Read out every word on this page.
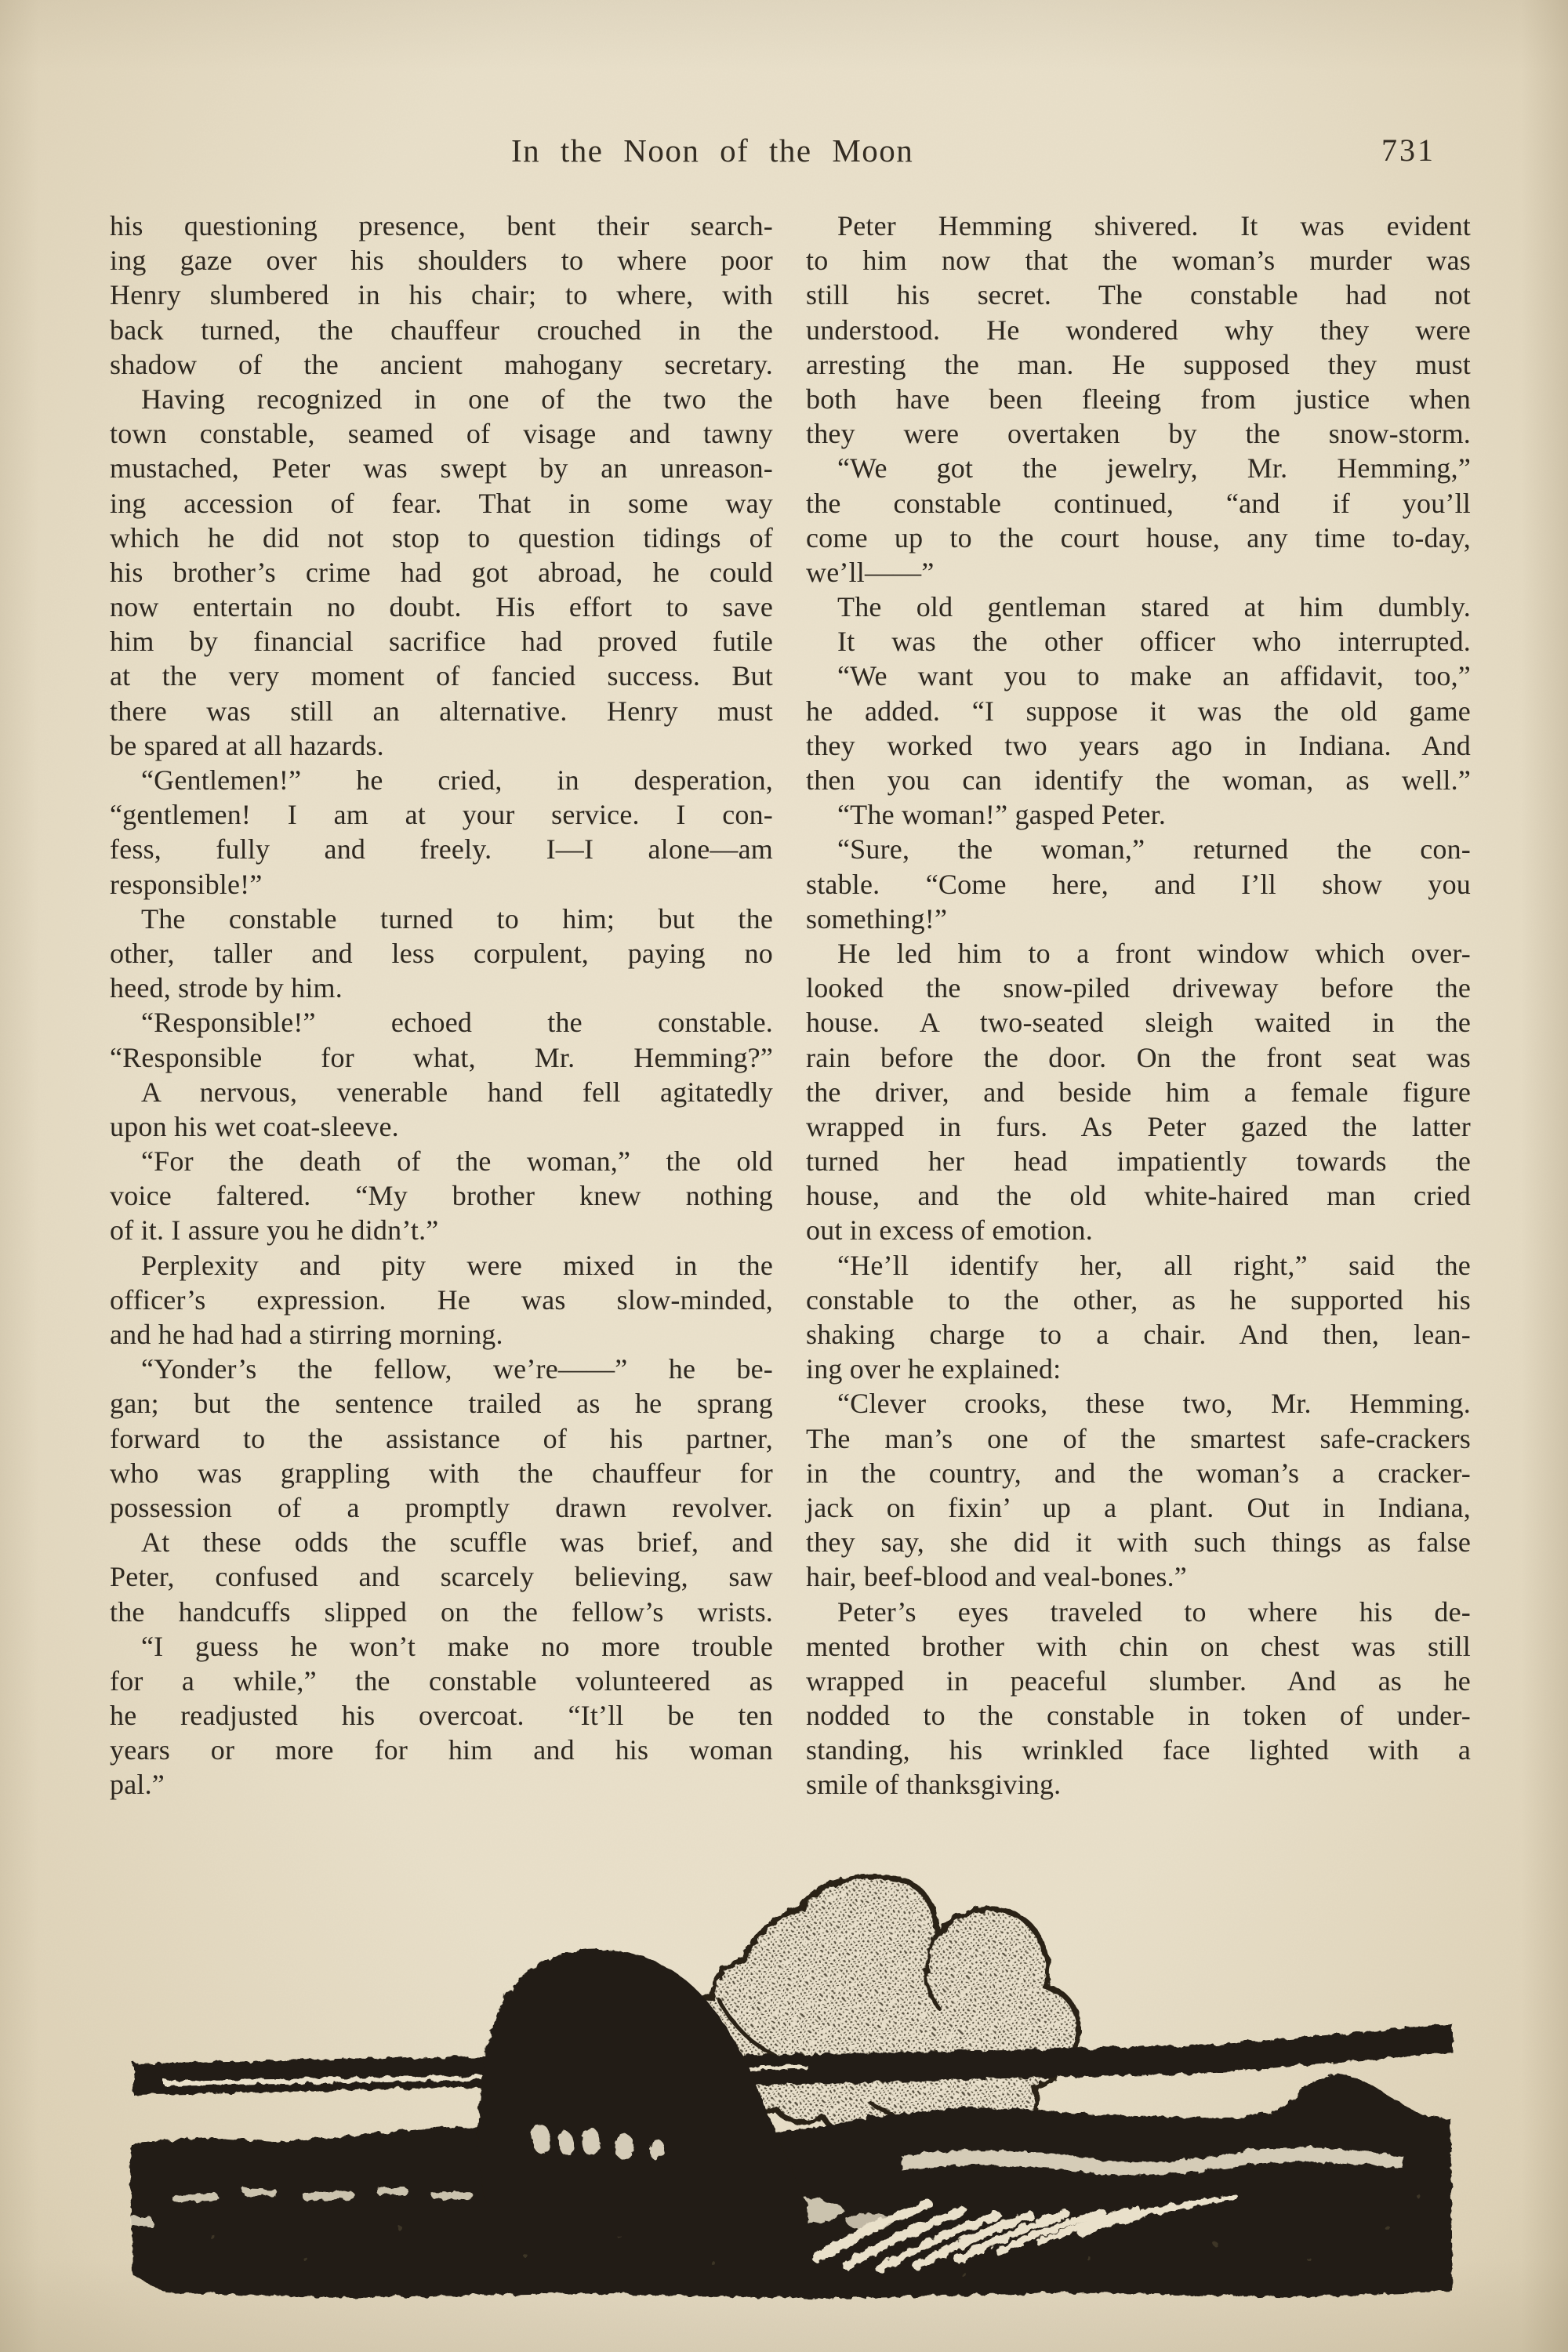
In the Noon of the Moon	731
his questioning presence, bent their search-
ing gaze over his shoulders to where poor
Henry slumbered in his chair; to where, with
back turned, the chauffeur crouched in the
shadow of the ancient mahogany secretary.
Having recognized in one of the two the
town constable, seamed of visage and tawny
mustached, Peter was swept by an unreason-
ing accession of fear. That in some way
which he did not stop to question tidings of
his brother’s crime had got abroad, he could
now entertain no doubt. His effort to save
him by financial sacrifice had proved futile
at the very moment of fancied success. But
there was still an alternative. Henry must
be spared at all hazards.
“Gentlemen!” he cried, in desperation,
“gentlemen! I am at your service. I con-
fess, fully and freely. I—I alone—am
responsible!”
The constable turned to him; but the
other, taller and less corpulent, paying no
heed, strode by him.
“Responsible!” echoed the constable.
“Responsible for what, Mr. Hemming?”
A nervous, venerable hand fell agitatedly
upon his wet coat-sleeve.
“For the death of the woman,” the old
voice faltered. “My brother knew nothing
of it. I assure you he didn’t.”
Perplexity and pity were mixed in the
officer’s expression. He was slow-minded,
and he had had a stirring morning.
“Yonder’s the fellow, we’re——” he be-
gan; but the sentence trailed as he sprang
forward to the assistance of his partner,
who was grappling with the chauffeur for
possession of a promptly drawn revolver.
At these odds the scuffle was brief, and
Peter, confused and scarcely believing, saw
the handcuffs slipped on the fellow’s wrists.
“I guess he won’t make no more trouble
for a while,” the constable volunteered as
he readjusted his overcoat. “It’ll be ten
years or more for him and his woman
pal.”
Peter Hemming shivered. It was evident
to him now that the woman’s murder was
still his secret. The constable had not
understood. He wondered why they were
arresting the man. He supposed they must
both have been fleeing from justice when
they were overtaken by the snow-storm.
“We got the jewelry, Mr. Hemming,”
the constable continued, “and if you’ll
come up to the court house, any time to-day,
we’ll——”
The old gentleman stared at him dumbly.
It was the other officer who interrupted.
“We want you to make an affidavit, too,”
he added. “I suppose it was the old game
they worked two years ago in Indiana. And
then you can identify the woman, as well.”
“The woman!” gasped Peter.
“Sure, the woman,” returned the con-
stable. “Come here, and I’ll show you
something!”
He led him to a front window which over-
looked the snow-piled driveway before the
house. A two-seated sleigh waited in the
rain before the door. On the front seat was
the driver, and beside him a female figure
wrapped in furs. As Peter gazed the latter
turned her head impatiently towards the
house, and the old white-haired man cried
out in excess of emotion.
“He’ll identify her, all right,” said the
constable to the other, as he supported his
shaking charge to a chair. And then, lean-
ing over he explained:
“Clever crooks, these two, Mr. Hemming.
The man’s one of the smartest safe-crackers
in the country, and the woman’s a cracker-
jack on fixin’ up a plant. Out in Indiana,
they say, she did it with such things as false
hair, beef-blood and veal-bones.”
Peter’s eyes traveled to where his de-
mented brother with chin on chest was still
wrapped in peaceful slumber. And as he
nodded to the constable in token of under-
standing, his wrinkled face lighted with a
smile of thanksgiving.
